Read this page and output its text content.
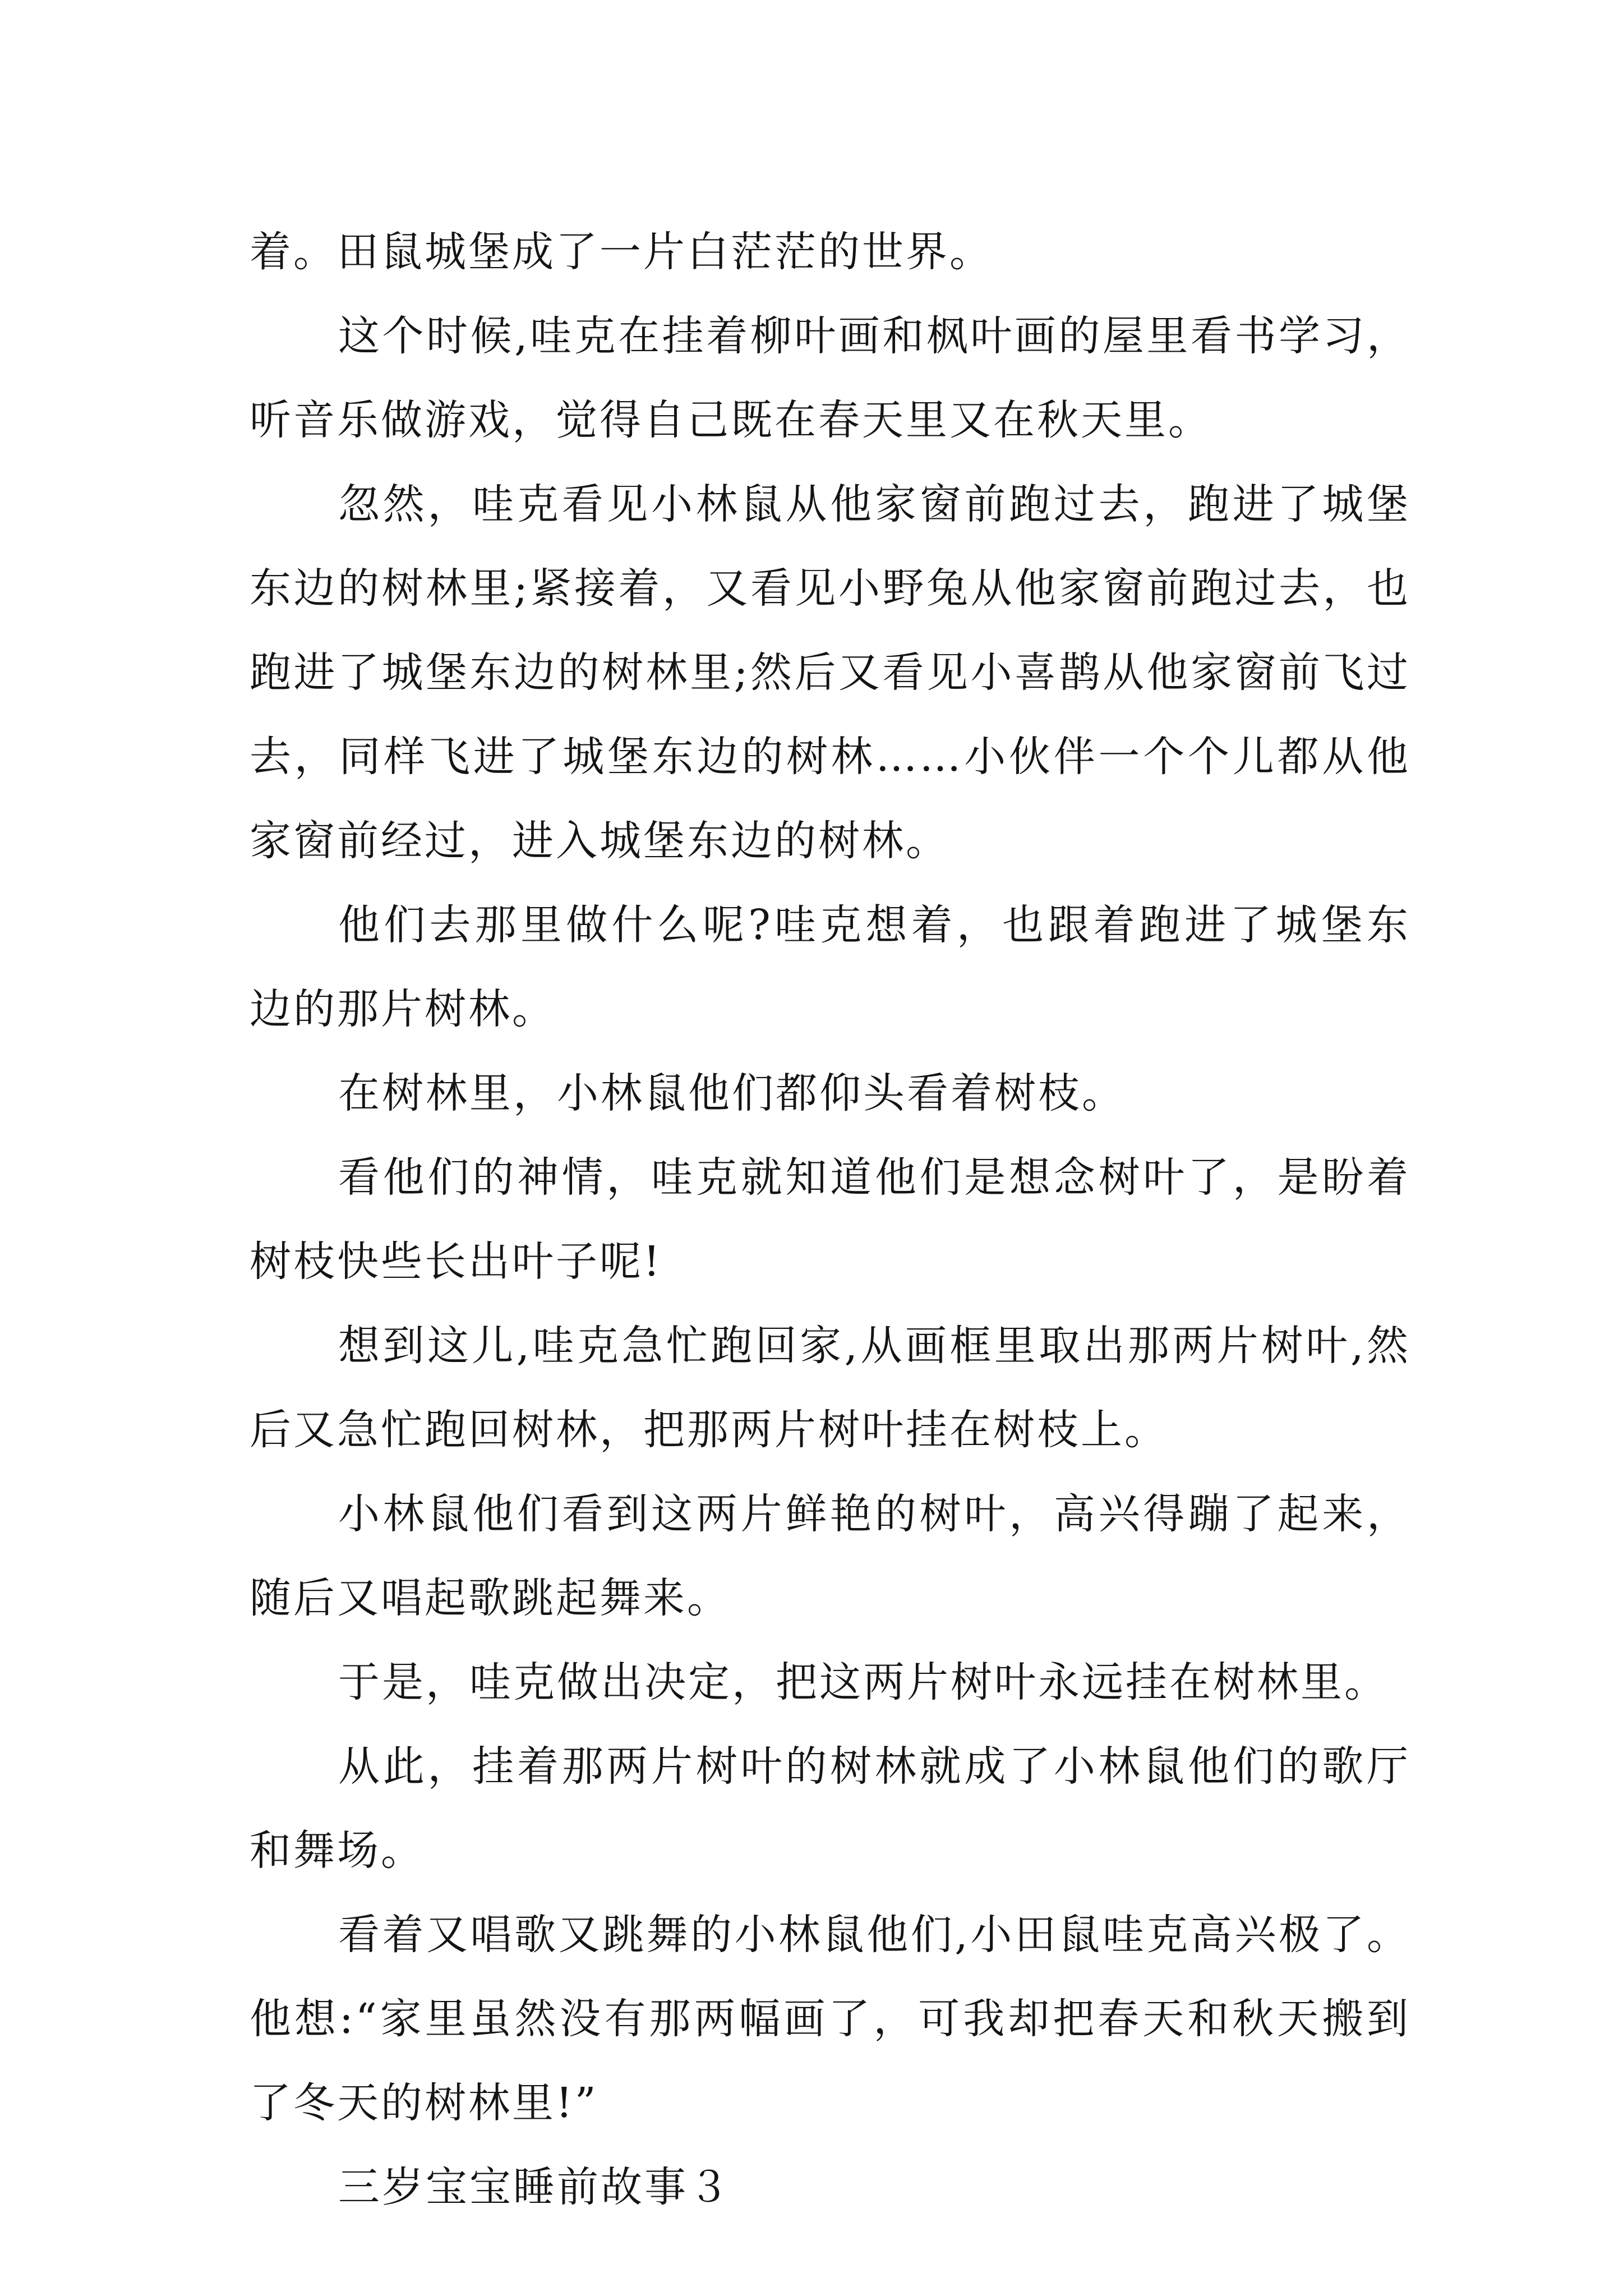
着。田鼠城堡成了一片白茫茫的世界。

这个时候,哇克在挂着柳叶画和枫叶画的屋里看书学习，听音乐做游戏，觉得自己既在春天里又在秋天里。

忽然，哇克看见小林鼠从他家窗前跑过去，跑进了城堡东边的树林里;紧接着，又看见小野兔从他家窗前跑过去，也跑进了城堡东边的树林里;然后又看见小喜鹊从他家窗前飞过去，同样飞进了城堡东边的树林……小伙伴一个个儿都从他家窗前经过，进入城堡东边的树林。

他们去那里做什么呢?哇克想着，也跟着跑进了城堡东边的那片树林。

在树林里，小林鼠他们都仰头看着树枝。

看他们的神情，哇克就知道他们是想念树叶了，是盼着树枝快些长出叶子呢!

想到这儿,哇克急忙跑回家,从画框里取出那两片树叶,然后又急忙跑回树林，把那两片树叶挂在树枝上。

小林鼠他们看到这两片鲜艳的树叶，高兴得蹦了起来，随后又唱起歌跳起舞来。

于是，哇克做出决定，把这两片树叶永远挂在树林里。

从此，挂着那两片树叶的树林就成了小林鼠他们的歌厅和舞场。

看着又唱歌又跳舞的小林鼠他们,小田鼠哇克高兴极了。他想:“家里虽然没有那两幅画了，可我却把春天和秋天搬到了冬天的树林里!”

三岁宝宝睡前故事３
